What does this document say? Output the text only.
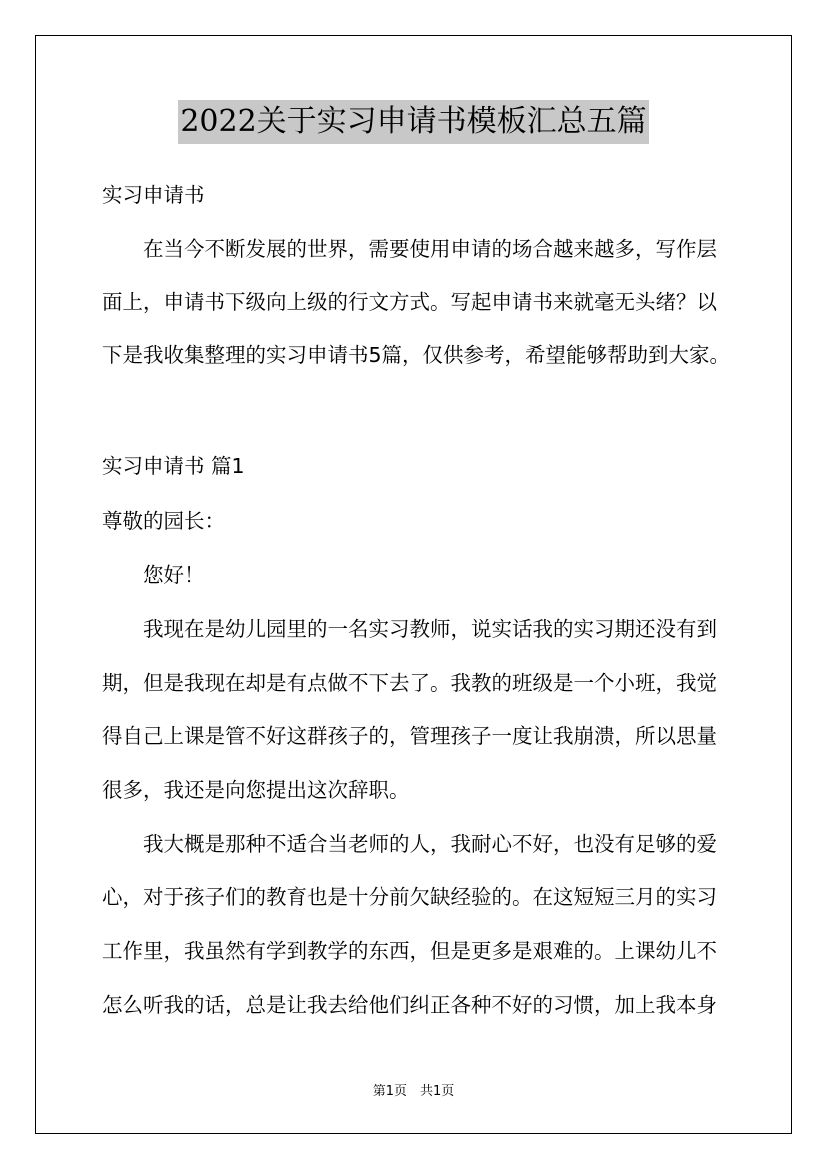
2022关于实习申请书模板汇总五篇

实习申请书

　　在当今不断发展的世界，需要使用申请的场合越来越多，写作层

面上，申请书下级向上级的行文方式。写起申请书来就毫无头绪？以

下是我收集整理的实习申请书5篇，仅供参考，希望能够帮助到大家。

实习申请书 篇1

尊敬的园长：

　　您好！

　　我现在是幼儿园里的一名实习教师，说实话我的实习期还没有到

期，但是我现在却是有点做不下去了。我教的班级是一个小班，我觉

得自己上课是管不好这群孩子的，管理孩子一度让我崩溃，所以思量

很多，我还是向您提出这次辞职。

　　我大概是那种不适合当老师的人，我耐心不好，也没有足够的爱

心，对于孩子们的教育也是十分前欠缺经验的。在这短短三月的实习

工作里，我虽然有学到教学的东西，但是更多是艰难的。上课幼儿不

怎么听我的话，总是让我去给他们纠正各种不好的习惯，加上我本身

第1页　共1页
